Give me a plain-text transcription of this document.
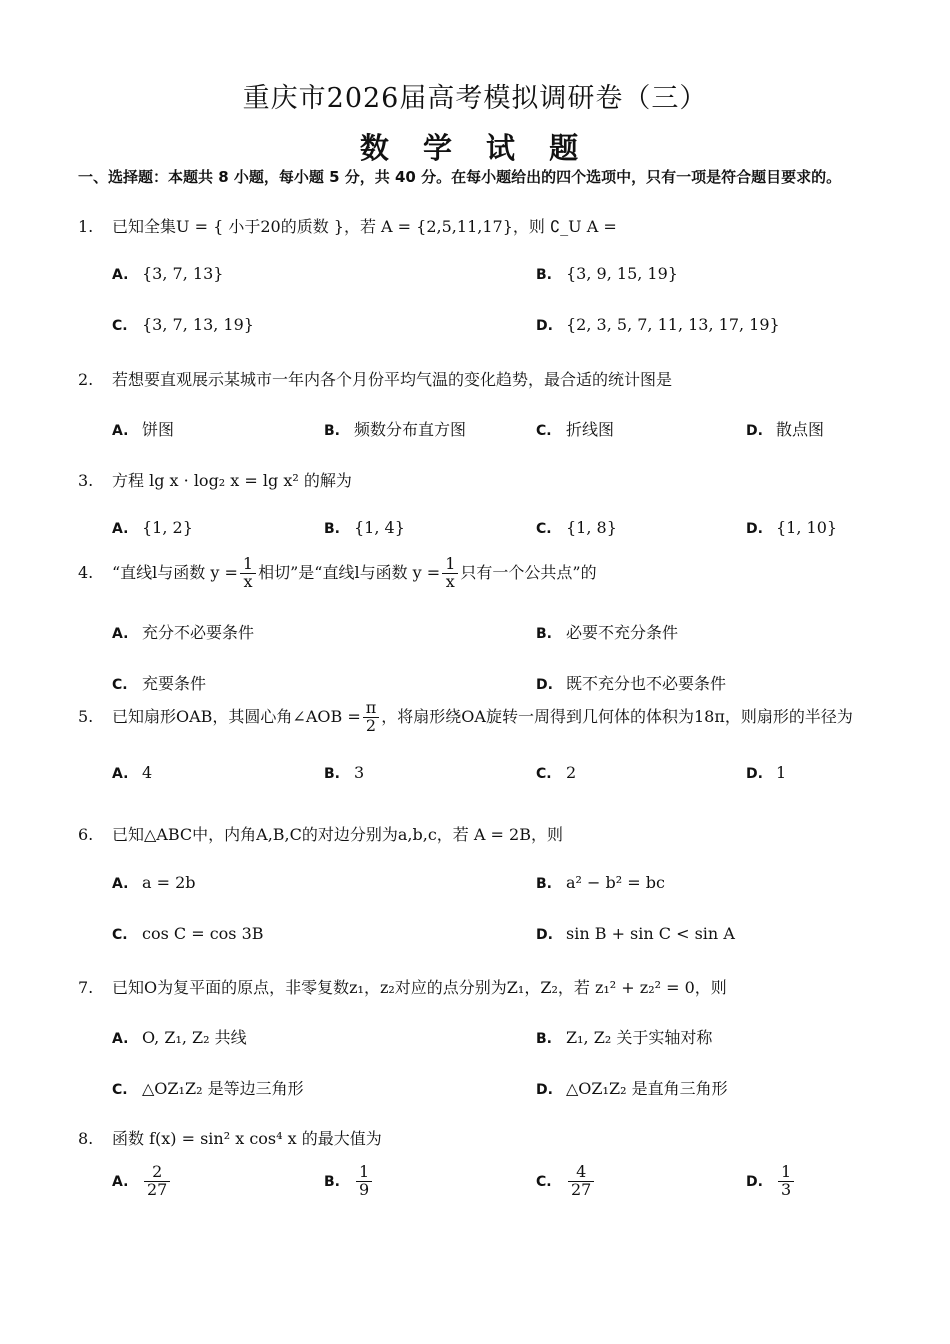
重庆市2026届高考模拟调研卷（三）
数 学 试 题
一、选择题：本题共 8 小题，每小题 5 分，共 40 分。在每小题给出的四个选项中，只有一项是符合题目要求的。
1. 已知全集U = { 小于20的质数 }，若 A = {2,5,11,17}，则 ∁_U A =
A. {3, 7, 13}	B. {3, 9, 15, 19}
C. {3, 7, 13, 19}	D. {2, 3, 5, 7, 11, 13, 17, 19}
2. 若想要直观展示某城市一年内各个月份平均气温的变化趋势，最合适的统计图是
A. 饼图	B. 频数分布直方图	C. 折线图	D. 散点图
3. 方程 lg x · log₂ x = lg x² 的解为
A. {1, 2}	B. {1, 4}	C. {1, 8}	D. {1, 10}
4. “直线l与函数 $y = \frac{1}{x}$ 相切”是“直线l与函数 $y = \frac{1}{x}$ 只有一个公共点”的
A. 充分不必要条件	B. 必要不充分条件
C. 充要条件	D. 既不充分也不必要条件
5. 已知扇形OAB，其圆心角∠AOB = $\frac{\pi}{2}$ ，将扇形绕OA旋转一周得到几何体的体积为18π，则扇形的半径为
A. 4	B. 3	C. 2	D. 1
6. 已知△ABC中，内角A,B,C的对边分别为a,b,c，若 A = 2B，则
A. a = 2b	B. a² − b² = bc
C. cos C = cos 3B	D. sin B + sin C < sin A
7. 已知O为复平面的原点，非零复数z₁，z₂对应的点分别为Z₁，Z₂，若 z₁² + z₂² = 0，则
A. O, Z₁, Z₂ 共线	B. Z₁, Z₂ 关于实轴对称
C. △OZ₁Z₂ 是等边三角形	D. △OZ₁Z₂ 是直角三角形
8. 函数 f(x) = sin² x cos⁴ x 的最大值为
A. $\frac{2}{27}$	B. $\frac{1}{9}$	C. $\frac{4}{27}$	D. $\frac{1}{3}$
